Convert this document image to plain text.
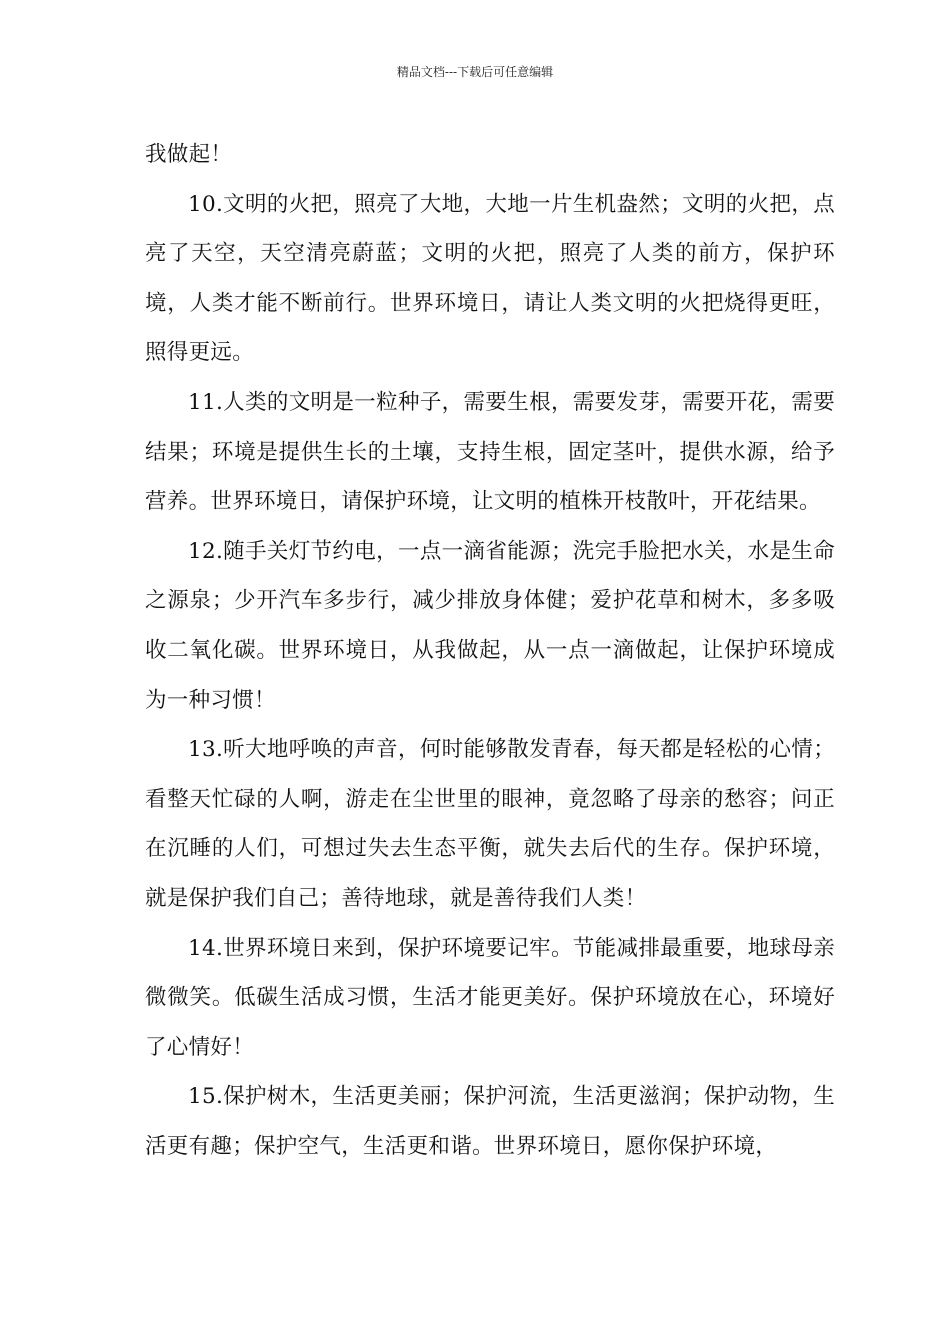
精品文档---下载后可任意编辑

我做起！

10.文明的火把，照亮了大地，大地一片生机盎然；文明的火把，点亮了天空，天空清亮蔚蓝；文明的火把，照亮了人类的前方，保护环境，人类才能不断前行。世界环境日，请让人类文明的火把烧得更旺，照得更远。

11.人类的文明是一粒种子，需要生根，需要发芽，需要开花，需要结果；环境是提供生长的土壤，支持生根，固定茎叶，提供水源，给予营养。世界环境日，请保护环境，让文明的植株开枝散叶，开花结果。

12.随手关灯节约电，一点一滴省能源；洗完手脸把水关，水是生命之源泉；少开汽车多步行，减少排放身体健；爱护花草和树木，多多吸收二氧化碳。世界环境日，从我做起，从一点一滴做起，让保护环境成为一种习惯！

13.听大地呼唤的声音，何时能够散发青春，每天都是轻松的心情；看整天忙碌的人啊，游走在尘世里的眼神，竟忽略了母亲的愁容；问正在沉睡的人们，可想过失去生态平衡，就失去后代的生存。保护环境，就是保护我们自己；善待地球，就是善待我们人类！

14.世界环境日来到，保护环境要记牢。节能减排最重要，地球母亲微微笑。低碳生活成习惯，生活才能更美好。保护环境放在心，环境好了心情好！

15.保护树木，生活更美丽；保护河流，生活更滋润；保护动物，生活更有趣；保护空气，生活更和谐。世界环境日，愿你保护环境，
